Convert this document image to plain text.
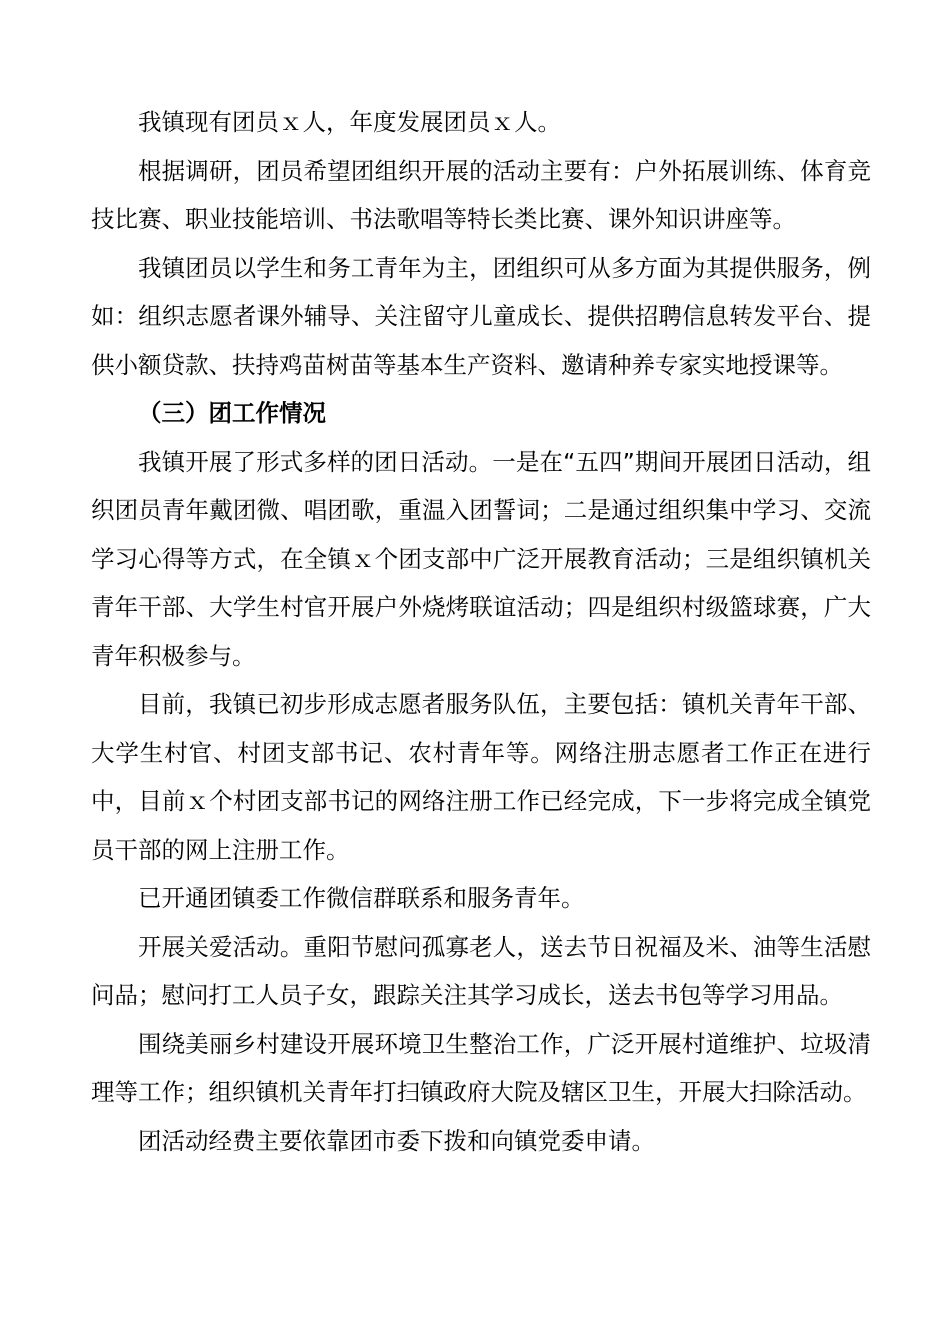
我镇现有团员ｘ人，年度发展团员ｘ人。

根据调研，团员希望团组织开展的活动主要有：户外拓展训练、体育竞技比赛、职业技能培训、书法歌唱等特长类比赛、课外知识讲座等。

我镇团员以学生和务工青年为主，团组织可从多方面为其提供服务，例如：组织志愿者课外辅导、关注留守儿童成长、提供招聘信息转发平台、提供小额贷款、扶持鸡苗树苗等基本生产资料、邀请种养专家实地授课等。

（三）团工作情况

我镇开展了形式多样的团日活动。一是在“五四”期间开展团日活动，组织团员青年戴团微、唱团歌，重温入团誓词；二是通过组织集中学习、交流学习心得等方式，在全镇ｘ个团支部中广泛开展教育活动；三是组织镇机关青年干部、大学生村官开展户外烧烤联谊活动；四是组织村级篮球赛，广大青年积极参与。

目前，我镇已初步形成志愿者服务队伍，主要包括：镇机关青年干部、大学生村官、村团支部书记、农村青年等。网络注册志愿者工作正在进行中，目前ｘ个村团支部书记的网络注册工作已经完成，下一步将完成全镇党员干部的网上注册工作。

已开通团镇委工作微信群联系和服务青年。

开展关爱活动。重阳节慰问孤寡老人，送去节日祝福及米、油等生活慰问品；慰问打工人员子女，跟踪关注其学习成长，送去书包等学习用品。

围绕美丽乡村建设开展环境卫生整治工作，广泛开展村道维护、垃圾清理等工作；组织镇机关青年打扫镇政府大院及辖区卫生，开展大扫除活动。

团活动经费主要依靠团市委下拨和向镇党委申请。
